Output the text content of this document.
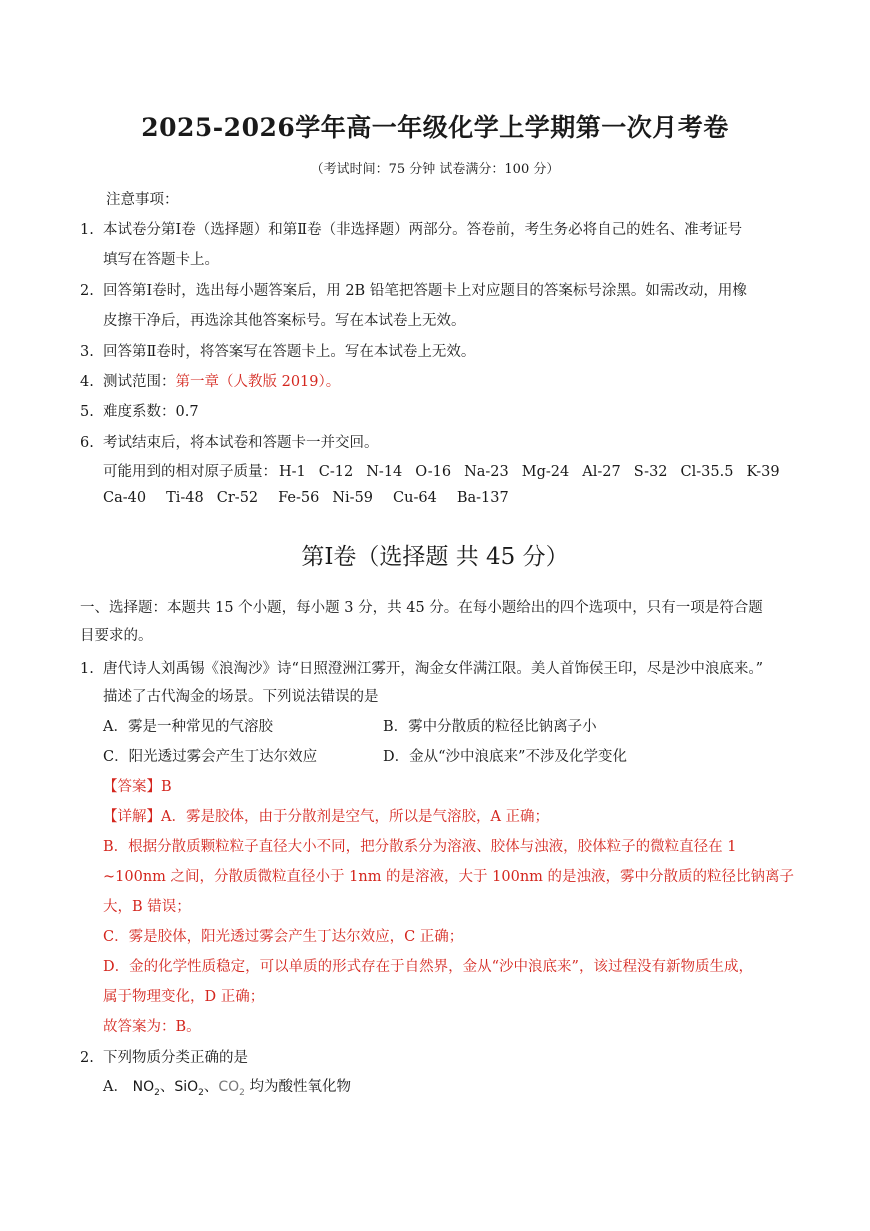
2025-2026学年高一年级化学上学期第一次月考卷
（考试时间：75 分钟 试卷满分：100 分）
注意事项：
1. 本试卷分第Ⅰ卷（选择题）和第Ⅱ卷（非选择题）两部分。答卷前，考生务必将自己的姓名、准考证号
填写在答题卡上。
2. 回答第Ⅰ卷时，选出每小题答案后，用 2B 铅笔把答题卡上对应题目的答案标号涂黑。如需改动，用橡
皮擦干净后，再选涂其他答案标号。写在本试卷上无效。
3. 回答第Ⅱ卷时，将答案写在答题卡上。写在本试卷上无效。
4. 测试范围：第一章（人教版 2019）。
5. 难度系数：0.7
6. 考试结束后，将本试卷和答题卡一并交回。
可能用到的相对原子质量： H-1 C-12 N-14 O-16 Na-23 Mg-24 Al-27 S-32 Cl-35.5 K-39
Ca-40 Ti-48 Cr-52 Fe-56 Ni-59 Cu-64 Ba-137
第Ⅰ卷（选择题 共 45 分）
一、选择题：本题共 15 个小题，每小题 3 分，共 45 分。在每小题给出的四个选项中，只有一项是符合题
目要求的。
1. 唐代诗人刘禹锡《浪淘沙》诗“日照澄洲江雾开，淘金女伴满江限。美人首饰侯王印，尽是沙中浪底来。”
描述了古代淘金的场景。下列说法错误的是
A．雾是一种常见的气溶胶	B．雾中分散质的粒径比钠离子小
C．阳光透过雾会产生丁达尔效应	D．金从“沙中浪底来”不涉及化学变化
【答案】B
【详解】A．雾是胶体，由于分散剂是空气，所以是气溶胶，A 正确；
B．根据分散质颗粒粒子直径大小不同，把分散系分为溶液、胶体与浊液，胶体粒子的微粒直径在 1
~100nm 之间，分散质微粒直径小于 1nm 的是溶液，大于 100nm 的是浊液，雾中分散质的粒径比钠离子
大，B 错误；
C．雾是胶体，阳光透过雾会产生丁达尔效应，C 正确；
D．金的化学性质稳定，可以单质的形式存在于自然界，金从“沙中浪底来”，该过程没有新物质生成，
属于物理变化，D 正确；
故答案为：B。
2. 下列物质分类正确的是
A． $NO_2$、SiO$_2$、$CO_2$ 均为酸性氧化物
